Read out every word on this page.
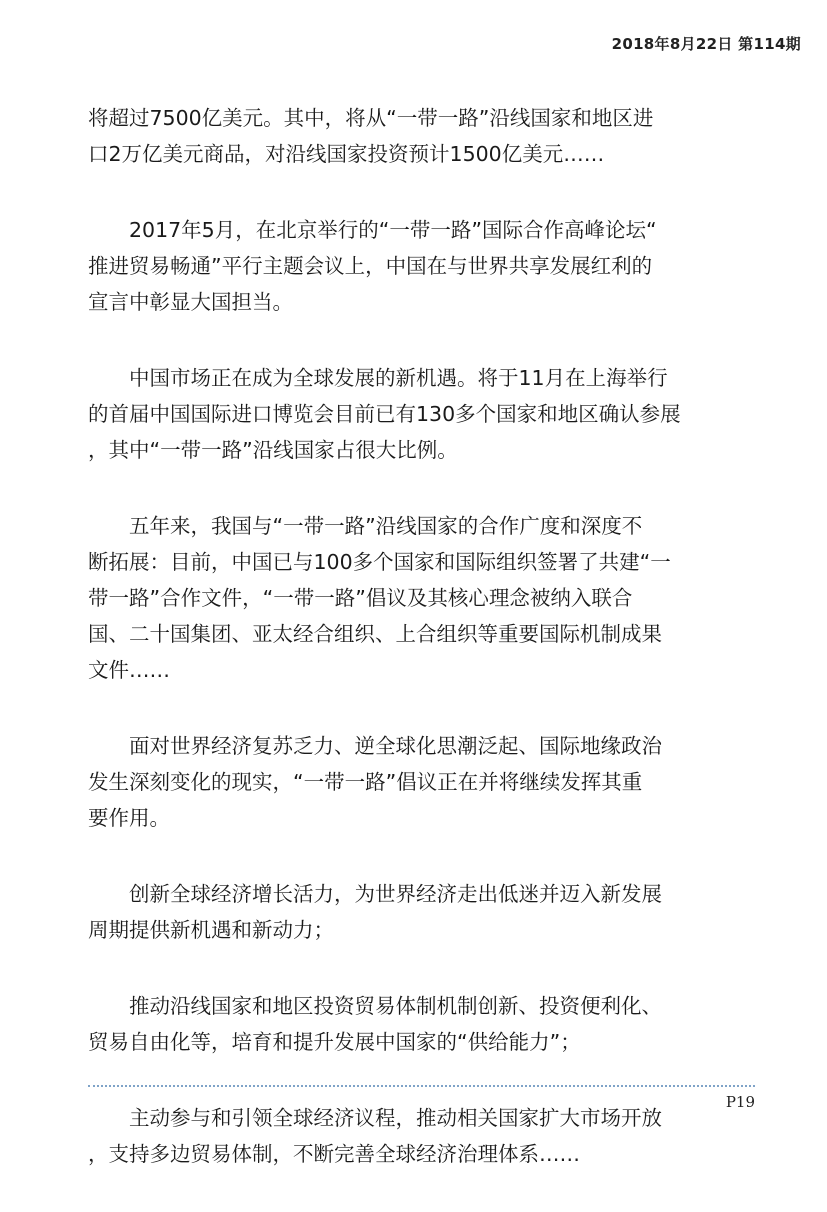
2018年8月22日 第114期

将超过7500亿美元。其中，将从“一带一路”沿线国家和地区进
口2万亿美元商品，对沿线国家投资预计1500亿美元……

2017年5月，在北京举行的“一带一路”国际合作高峰论坛“
推进贸易畅通”平行主题会议上，中国在与世界共享发展红利的
宣言中彰显大国担当。

中国市场正在成为全球发展的新机遇。将于11月在上海举行
的首届中国国际进口博览会目前已有130多个国家和地区确认参展
，其中“一带一路”沿线国家占很大比例。

五年来，我国与“一带一路”沿线国家的合作广度和深度不
断拓展：目前，中国已与100多个国家和国际组织签署了共建“一
带一路”合作文件，“一带一路”倡议及其核心理念被纳入联合
国、二十国集团、亚太经合组织、上合组织等重要国际机制成果
文件……

面对世界经济复苏乏力、逆全球化思潮泛起、国际地缘政治
发生深刻变化的现实，“一带一路”倡议正在并将继续发挥其重
要作用。

创新全球经济增长活力，为世界经济走出低迷并迈入新发展
周期提供新机遇和新动力；

推动沿线国家和地区投资贸易体制机制创新、投资便利化、
贸易自由化等，培育和提升发展中国家的“供给能力”；

主动参与和引领全球经济议程，推动相关国家扩大市场开放
，支持多边贸易体制，不断完善全球经济治理体系……

P19
